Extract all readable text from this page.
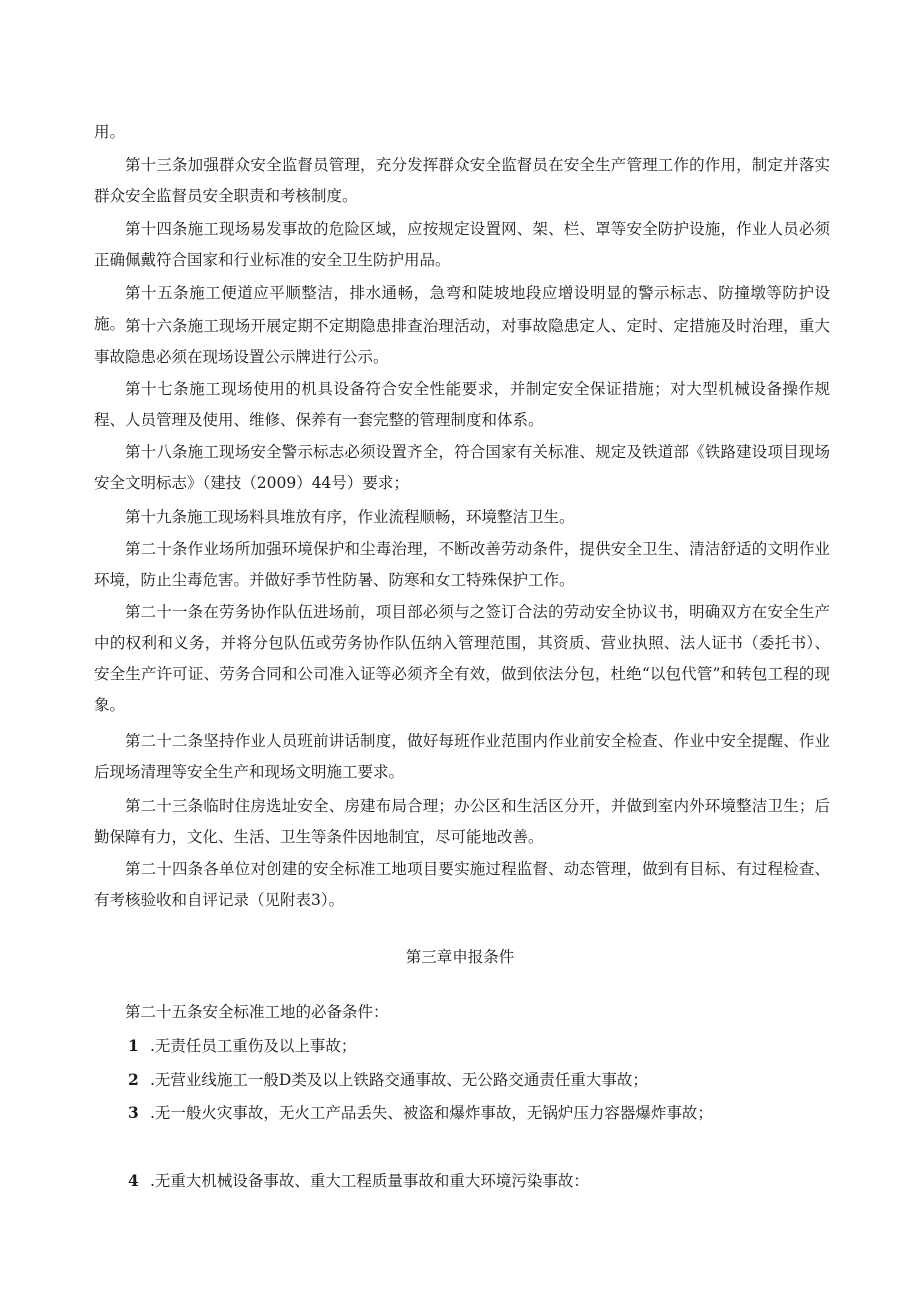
用。

第十三条加强群众安全监督员管理，充分发挥群众安全监督员在安全生产管理工作的作用，制定并落实群众安全监督员安全职责和考核制度。

第十四条施工现场易发事故的危险区域，应按规定设置网、架、栏、罩等安全防护设施，作业人员必须正确佩戴符合国家和行业标准的安全卫生防护用品。

第十五条施工便道应平顺整洁，排水通畅，急弯和陡坡地段应增设明显的警示标志、防撞墩等防护设施。 第十六条施工现场开展定期不定期隐患排查治理活动，对事故隐患定人、定时、定措施及时治理，重大事故隐患必须在现场设置公示牌进行公示。

第十七条施工现场使用的机具设备符合安全性能要求，并制定安全保证措施；对大型机械设备操作规程、人员管理及使用、维修、保养有一套完整的管理制度和体系。

第十八条施工现场安全警示标志必须设置齐全，符合国家有关标准、规定及铁道部《铁路建设项目现场安全文明标志》（建技（2009）44号）要求；

第十九条施工现场料具堆放有序，作业流程顺畅，环境整洁卫生。

第二十条作业场所加强环境保护和尘毒治理，不断改善劳动条件，提供安全卫生、清洁舒适的文明作业环境，防止尘毒危害。并做好季节性防暑、防寒和女工特殊保护工作。

第二十一条在劳务协作队伍进场前，项目部必须与之签订合法的劳动安全协议书，明确双方在安全生产中的权利和义务，并将分包队伍或劳务协作队伍纳入管理范围，其资质、营业执照、法人证书（委托书）、安全生产许可证、劳务合同和公司准入证等必须齐全有效，做到依法分包，杜绝“以包代管”和转包工程的现象。

第二十二条坚持作业人员班前讲话制度，做好每班作业范围内作业前安全检查、作业中安全提醒、作业后现场清理等安全生产和现场文明施工要求。

第二十三条临时住房选址安全、房建布局合理；办公区和生活区分开，并做到室内外环境整洁卫生；后勤保障有力，文化、生活、卫生等条件因地制宜，尽可能地改善。

第二十四条各单位对创建的安全标准工地项目要实施过程监督、动态管理，做到有目标、有过程检查、有考核验收和自评记录（见附表3）。

第三章申报条件

第二十五条安全标准工地的必备条件：

1 .无责任员工重伤及以上事故；

2 .无营业线施工一般D类及以上铁路交通事故、无公路交通责任重大事故；

3 .无一般火灾事故，无火工产品丢失、被盗和爆炸事故，无锅炉压力容器爆炸事故；

4 .无重大机械设备事故、重大工程质量事故和重大环境污染事故：
